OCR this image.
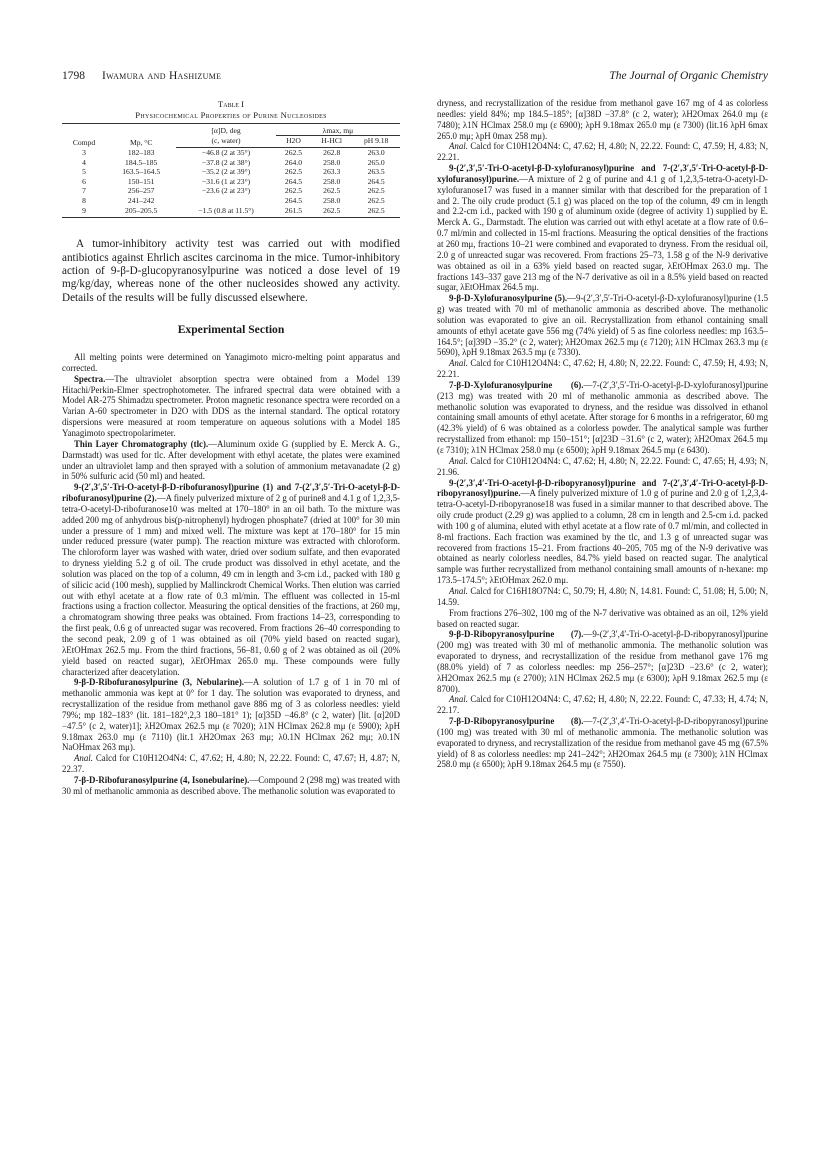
1798 Iwamura and Hashizume	The Journal of Organic Chemistry
Table I
Physicochemical Properties of Purine Nucleosides
Compd	Mp, °C	[α]D, deg	λmax, mμ		
		(c, water)	H2O	H-HCl	pH 9.18
3	182–183	−46.8 (2 at 35°)	262.5	262.8	263.0
4	184.5–185	−37.8 (2 at 38°)	264.0	258.0	265.0
5	163.5–164.5	−35.2 (2 at 39°)	262.5	263.3	263.5
6	150–151	−31.6 (1 at 23°)	264.5	258.0	264.5
7	256–257	−23.6 (2 at 23°)	262.5	262.5	262.5
8	241–242		264.5	258.0	262.5
9	205–205.5	−1.5 (0.8 at 11.5°)	261.5	262.5	262.5

A tumor-inhibitory activity test was carried out with modified antibiotics against Ehrlich ascites carcinoma in the mice. Tumor-inhibitory action of 9-β-D-glucopyranosylpurine was noticed a dose level of 19 mg/kg/day, whereas none of the other nucleosides showed any activity. Details of the results will be fully discussed elsewhere.

Experimental Section

All melting points were determined on Yanagimoto micro-melting point apparatus and corrected.

Spectra.—The ultraviolet absorption spectra were obtained from a Model 139 Hitachi/Perkin-Elmer spectrophotometer. The infrared spectral data were obtained with a Model AR-275 Shimadzu spectrometer. Proton magnetic resonance spectra were recorded on a Varian A-60 spectrometer in D2O with DDS as the internal standard. The optical rotatory dispersions were measured at room temperature on aqueous solutions with a Model 185 Yanagimoto spectropolarimeter.

Thin Layer Chromatography (tlc).—Aluminum oxide G (supplied by E. Merck A. G., Darmstadt) was used for tlc. After development with ethyl acetate, the plates were examined under an ultraviolet lamp and then sprayed with a solution of ammonium metavanadate (2 g) in 50% sulfuric acid (50 ml) and heated.

9-(2′,3′,5′-Tri-O-acetyl-β-D-ribofuranosyl)purine (1) and 7-(2′,3′,5′-Tri-O-acetyl-β-D-ribofuranosyl)purine (2).—A finely pulverized mixture of 2 g of purine8 and 4.1 g of 1,2,3,5-tetra-O-acetyl-D-ribofuranose10 was melted at 170–180° in an oil bath. To the mixture was added 200 mg of anhydrous bis(p-nitrophenyl) hydrogen phosphate7 (dried at 100° for 30 min under a pressure of 1 mm) and mixed well. The mixture was kept at 170–180° for 15 min under reduced pressure (water pump). The reaction mixture was extracted with chloroform. The chloroform layer was washed with water, dried over sodium sulfate, and then evaporated to dryness yielding 5.2 g of oil. The crude product was dissolved in ethyl acetate, and the solution was placed on the top of a column, 49 cm in length and 3-cm i.d., packed with 180 g of silicic acid (100 mesh), supplied by Mallinckrodt Chemical Works. Then elution was carried out with ethyl acetate at a flow rate of 0.3 ml/min. The effluent was collected in 15-ml fractions using a fraction collector. Measuring the optical densities of the fractions, at 260 mμ, a chromatogram showing three peaks was obtained. From fractions 14–23, corresponding to the first peak, 0.6 g of unreacted sugar was recovered. From fractions 26–40 corresponding to the second peak, 2.09 g of 1 was obtained as oil (70% yield based on reacted sugar), λEtOHmax 262.5 mμ. From the third fractions, 56–81, 0.60 g of 2 was obtained as oil (20% yield based on reacted sugar), λEtOHmax 265.0 mμ. These compounds were fully characterized after deacetylation.

9-β-D-Ribofuranosylpurine (3, Nebularine).—A solution of 1.7 g of 1 in 70 ml of methanolic ammonia was kept at 0° for 1 day. The solution was evaporated to dryness, and recrystallization of the residue from methanol gave 886 mg of 3 as colorless needles: yield 79%; mp 182–183° (lit. 181–182°,2,3 180–181° 1); [α]35D −46.8° (c 2, water) [lit. [α]20D −47.5° (c 2, water)1]; λH2Omax 262.5 mμ (ε 7020); λ1N HClmax 262.8 mμ (ε 5900); λpH 9.18max 263.0 mμ (ε 7110) (lit.1 λH2Omax 263 mμ; λ0.1N HClmax 262 mμ; λ0.1N NaOHmax 263 mμ).

Anal. Calcd for C10H12O4N4: C, 47.62; H, 4.80; N, 22.22. Found: C, 47.67; H, 4.87; N, 22.37.

7-β-D-Ribofuranosylpurine (4, Isonebularine).—Compound 2 (298 mg) was treated with 30 ml of methanolic ammonia as described above. The methanolic solution was evaporated to

dryness, and recrystallization of the residue from methanol gave 167 mg of 4 as colorless needles: yield 84%; mp 184.5–185°; [α]38D −37.8° (c 2, water); λH2Omax 264.0 mμ (ε 7480); λ1N HClmax 258.0 mμ (ε 6900); λpH 9.18max 265.0 mμ (ε 7300) (lit.16 λpH 6max 265.0 mμ; λpH 0max 258 mμ).

Anal. Calcd for C10H12O4N4: C, 47.62; H, 4.80; N, 22.22. Found: C, 47.59; H, 4.83; N, 22.21.

9-(2′,3′,5′-Tri-O-acetyl-β-D-xylofuranosyl)purine and 7-(2′,3′,5′-Tri-O-acetyl-β-D-xylofuranosyl)purine.—A mixture of 2 g of purine and 4.1 g of 1,2,3,5-tetra-O-acetyl-D-xylofuranose17 was fused in a manner similar with that described for the preparation of 1 and 2. The oily crude product (5.1 g) was placed on the top of the column, 49 cm in length and 2.2-cm i.d., packed with 190 g of aluminum oxide (degree of activity 1) supplied by E. Merck A. G., Darmstadt. The elution was carried out with ethyl acetate at a flow rate of 0.6–0.7 ml/min and collected in 15-ml fractions. Measuring the optical densities of the fractions at 260 mμ, fractions 10–21 were combined and evaporated to dryness. From the residual oil, 2.0 g of unreacted sugar was recovered. From fractions 25–73, 1.58 g of the N-9 derivative was obtained as oil in a 63% yield based on reacted sugar, λEtOHmax 263.0 mμ. The fractions 143–337 gave 213 mg of the N-7 derivative as oil in a 8.5% yield based on reacted sugar, λEtOHmax 264.5 mμ.

9-β-D-Xylofuranosylpurine (5).—9-(2′,3′,5′-Tri-O-acetyl-β-D-xylofuranosyl)purine (1.5 g) was treated with 70 ml of methanolic ammonia as described above. The methanolic solution was evaporated to give an oil. Recrystallization from ethanol containing small amounts of ethyl acetate gave 556 mg (74% yield) of 5 as fine colorless needles: mp 163.5–164.5°; [α]39D −35.2° (c 2, water); λH2Omax 262.5 mμ (ε 7120); λ1N HClmax 263.3 mμ (ε 5690), λpH 9.18max 263.5 mμ (ε 7330).

Anal. Calcd for C10H12O4N4: C, 47.62; H, 4.80; N, 22.22. Found: C, 47.59; H, 4.93; N, 22.21.

7-β-D-Xylofuranosylpurine (6).—7-(2′,3′,5′-Tri-O-acetyl-β-D-xylofuranosyl)purine (213 mg) was treated with 20 ml of methanolic ammonia as described above. The methanolic solution was evaporated to dryness, and the residue was dissolved in ethanol containing small amounts of ethyl acetate. After storage for 6 months in a refrigerator, 60 mg (42.3% yield) of 6 was obtained as a colorless powder. The analytical sample was further recrystallized from ethanol: mp 150–151°; [α]23D −31.6° (c 2, water); λH2Omax 264.5 mμ (ε 7310); λ1N HClmax 258.0 mμ (ε 6500); λpH 9.18max 264.5 mμ (ε 6430).

Anal. Calcd for C10H12O4N4: C, 47.62; H, 4.80; N, 22.22. Found: C, 47.65; H, 4.93; N, 21.96.

9-(2′,3′,4′-Tri-O-acetyl-β-D-ribopyranosyl)purine and 7-(2′,3′,4′-Tri-O-acetyl-β-D-ribopyranosyl)purine.—A finely pulverized mixture of 1.0 g of purine and 2.0 g of 1,2,3,4-tetra-O-acetyl-D-ribopyranose18 was fused in a similar manner to that described above. The oily crude product (2.29 g) was applied to a column, 28 cm in length and 2.5-cm i.d. packed with 100 g of alumina, eluted with ethyl acetate at a flow rate of 0.7 ml/min, and collected in 8-ml fractions. Each fraction was examined by the tlc, and 1.3 g of unreacted sugar was recovered from fractions 15–21. From fractions 40–205, 705 mg of the N-9 derivative was obtained as nearly colorless needles, 84.7% yield based on reacted sugar. The analytical sample was further recrystallized from methanol containing small amounts of n-hexane: mp 173.5–174.5°; λEtOHmax 262.0 mμ.

Anal. Calcd for C16H18O7N4: C, 50.79; H, 4.80; N, 14.81. Found: C, 51.08; H, 5.00; N, 14.59.

From fractions 276–302, 100 mg of the N-7 derivative was obtained as an oil, 12% yield based on reacted sugar.

9-β-D-Ribopyranosylpurine (7).—9-(2′,3′,4′-Tri-O-acetyl-β-D-ribopyranosyl)purine (200 mg) was treated with 30 ml of methanolic ammonia. The methanolic solution was evaporated to dryness, and recrystallization of the residue from methanol gave 176 mg (88.0% yield) of 7 as colorless needles: mp 256–257°; [α]23D −23.6° (c 2, water); λH2Omax 262.5 mμ (ε 2700); λ1N HClmax 262.5 mμ (ε 6300); λpH 9.18max 262.5 mμ (ε 8700).

Anal. Calcd for C10H12O4N4: C, 47.62; H, 4.80; N, 22.22. Found: C, 47.33; H, 4.74; N, 22.17.

7-β-D-Ribopyranosylpurine (8).—7-(2′,3′,4′-Tri-O-acetyl-β-D-ribopyranosyl)purine (100 mg) was treated with 30 ml of methanolic ammonia. The methanolic solution was evaporated to dryness, and recrystallization of the residue from methanol gave 45 mg (67.5% yield) of 8 as colorless needles: mp 241–242°; λH2Omax 264.5 mμ (ε 7300); λ1N HClmax 258.0 mμ (ε 6500); λpH 9.18max 264.5 mμ (ε 7550).
